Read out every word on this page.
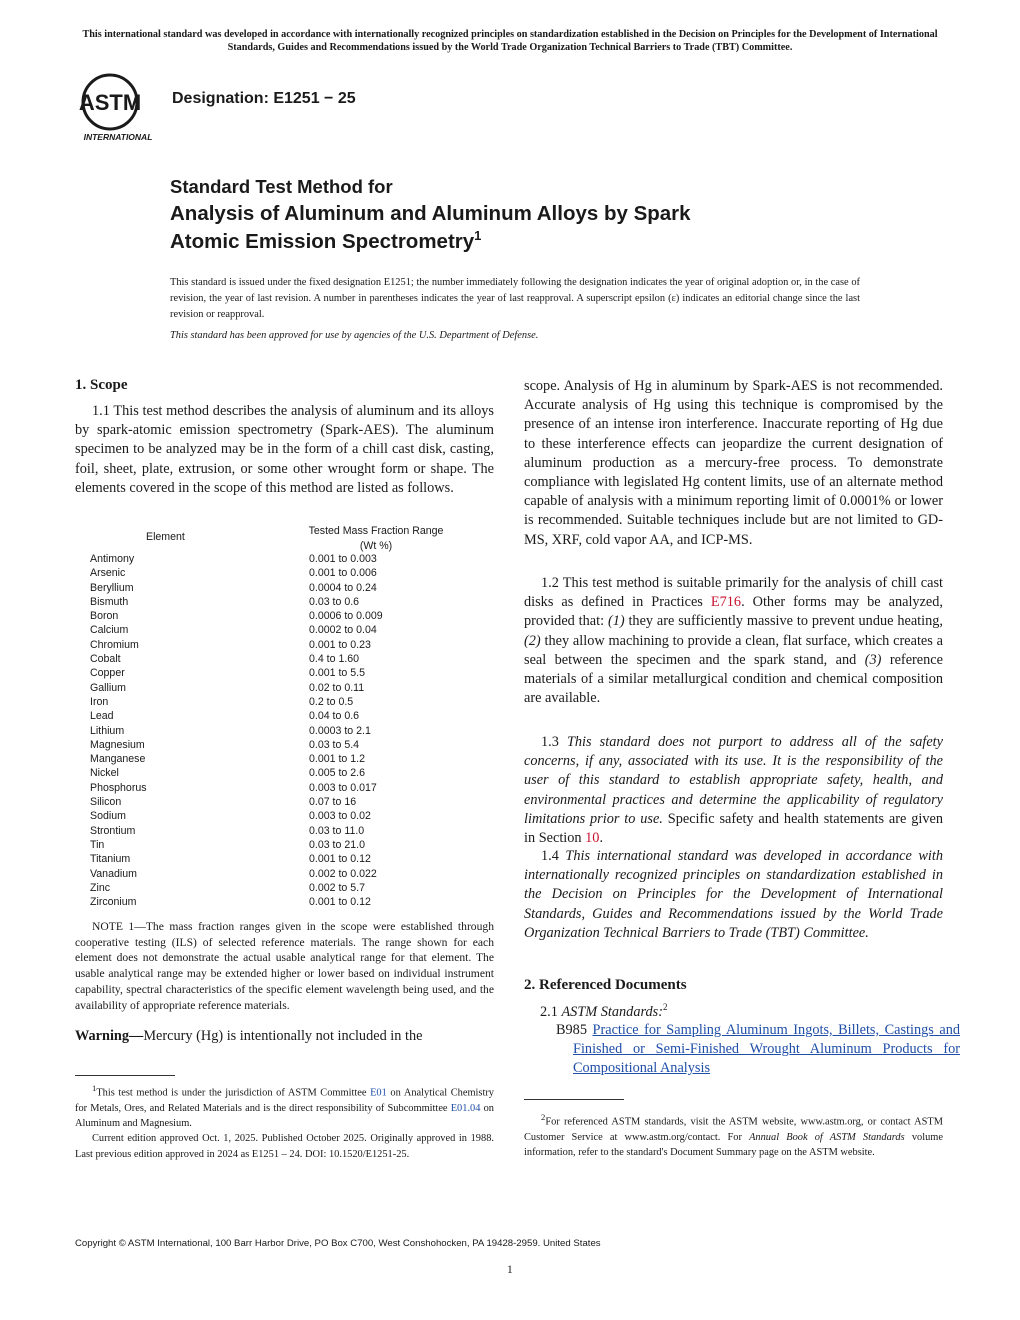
This international standard was developed in accordance with internationally recognized principles on standardization established in the Decision on Principles for the Development of International Standards, Guides and Recommendations issued by the World Trade Organization Technical Barriers to Trade (TBT) Committee.
ASTM
INTERNATIONAL
Designation: E1251 − 25
Standard Test Method for
Analysis of Aluminum and Aluminum Alloys by Spark
Atomic Emission Spectrometry$^1$
This standard is issued under the fixed designation E1251; the number immediately following the designation indicates the year of original adoption or, in the case of revision, the year of last revision. A number in parentheses indicates the year of last reapproval. A superscript epsilon (ε) indicates an editorial change since the last revision or reapproval.
This standard has been approved for use by agencies of the U.S. Department of Defense.
1. Scope
1.1 This test method describes the analysis of aluminum and its alloys by spark-atomic emission spectrometry (Spark-AES). The aluminum specimen to be analyzed may be in the form of a chill cast disk, casting, foil, sheet, plate, extrusion, or some other wrought form or shape. The elements covered in the scope of this method are listed as follows.
Element	Tested Mass Fraction Range (Wt %)
Antimony	0.001 to 0.003
Arsenic	0.001 to 0.006
Beryllium	0.0004 to 0.24
Bismuth	0.03 to 0.6
Boron	0.0006 to 0.009
Calcium	0.0002 to 0.04
Chromium	0.001 to 0.23
Cobalt	0.4 to 1.60
Copper	0.001 to 5.5
Gallium	0.02 to 0.11
Iron	0.2 to 0.5
Lead	0.04 to 0.6
Lithium	0.0003 to 2.1
Magnesium	0.03 to 5.4
Manganese	0.001 to 1.2
Nickel	0.005 to 2.6
Phosphorus	0.003 to 0.017
Silicon	0.07 to 16
Sodium	0.003 to 0.02
Strontium	0.03 to 11.0
Tin	0.03 to 21.0
Titanium	0.001 to 0.12
Vanadium	0.002 to 0.022
Zinc	0.002 to 5.7
Zirconium	0.001 to 0.12
NOTE 1—The mass fraction ranges given in the scope were established through cooperative testing (ILS) of selected reference materials. The range shown for each element does not demonstrate the actual usable analytical range for that element. The usable analytical range may be extended higher or lower based on individual instrument capability, spectral characteristics of the specific element wavelength being used, and the availability of appropriate reference materials.
Warning—Mercury (Hg) is intentionally not included in the
$^1$This test method is under the jurisdiction of ASTM Committee E01 on Analytical Chemistry for Metals, Ores, and Related Materials and is the direct responsibility of Subcommittee E01.04 on Aluminum and Magnesium.
Current edition approved Oct. 1, 2025. Published October 2025. Originally approved in 1988. Last previous edition approved in 2024 as E1251 – 24. DOI: 10.1520/E1251-25.
scope. Analysis of Hg in aluminum by Spark-AES is not recommended. Accurate analysis of Hg using this technique is compromised by the presence of an intense iron interference. Inaccurate reporting of Hg due to these interference effects can jeopardize the current designation of aluminum production as a mercury-free process. To demonstrate compliance with legislated Hg content limits, use of an alternate method capable of analysis with a minimum reporting limit of 0.0001% or lower is recommended. Suitable techniques include but are not limited to GD-MS, XRF, cold vapor AA, and ICP-MS.
1.2 This test method is suitable primarily for the analysis of chill cast disks as defined in Practices E716. Other forms may be analyzed, provided that: (1) they are sufficiently massive to prevent undue heating, (2) they allow machining to provide a clean, flat surface, which creates a seal between the specimen and the spark stand, and (3) reference materials of a similar metallurgical condition and chemical composition are available.
1.3 This standard does not purport to address all of the safety concerns, if any, associated with its use. It is the responsibility of the user of this standard to establish appropriate safety, health, and environmental practices and determine the applicability of regulatory limitations prior to use. Specific safety and health statements are given in Section 10.
1.4 This international standard was developed in accordance with internationally recognized principles on standardization established in the Decision on Principles for the Development of International Standards, Guides and Recommendations issued by the World Trade Organization Technical Barriers to Trade (TBT) Committee.
2. Referenced Documents
2.1 ASTM Standards:$^2$
B985 Practice for Sampling Aluminum Ingots, Billets, Castings and Finished or Semi-Finished Wrought Aluminum Products for Compositional Analysis
$^2$For referenced ASTM standards, visit the ASTM website, www.astm.org, or contact ASTM Customer Service at www.astm.org/contact. For Annual Book of ASTM Standards volume information, refer to the standard's Document Summary page on the ASTM website.
Copyright © ASTM International, 100 Barr Harbor Drive, PO Box C700, West Conshohocken, PA 19428-2959. United States
1
